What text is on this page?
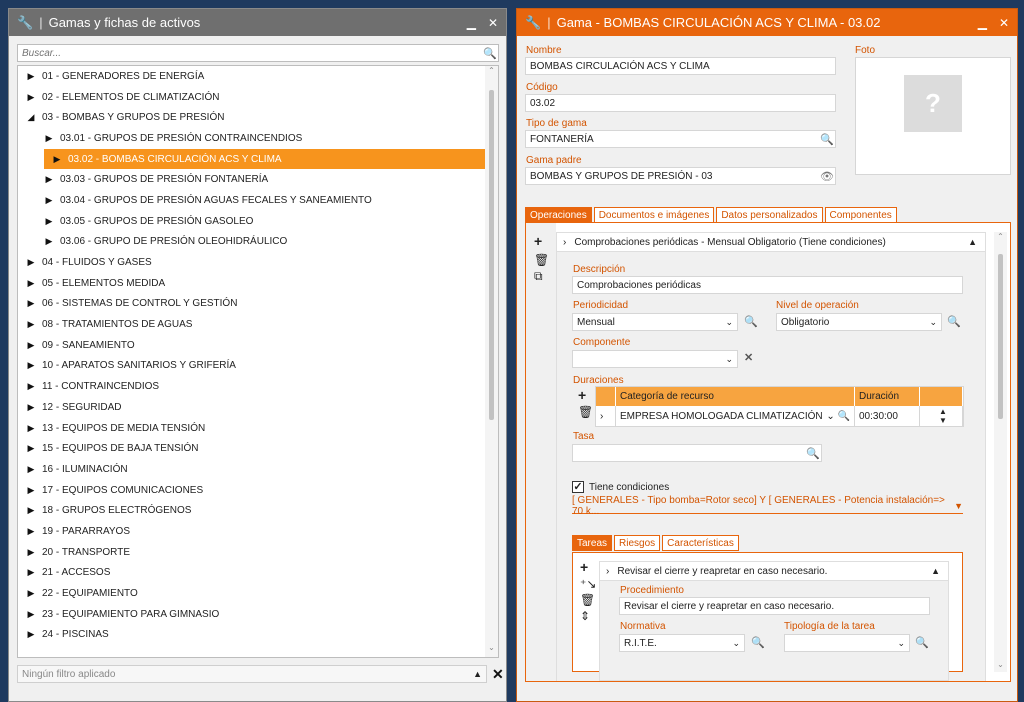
🔧 | Gamas y fichas de activos	▁ ✕
Buscar...
🔍
▶ 01 - GENERADORES DE ENERGÍA
▶ 02 - ELEMENTOS DE CLIMATIZACIÓN
◢ 03 - BOMBAS Y GRUPOS DE PRESIÓN
▶ 03.01 - GRUPOS DE PRESIÓN CONTRAINCENDIOS
▶ 03.02 - BOMBAS CIRCULACIÓN ACS Y CLIMA
▶ 03.03 - GRUPOS DE PRESIÓN FONTANERÍA
▶ 03.04 - GRUPOS DE PRESIÓN AGUAS FECALES Y SANEAMIENTO
▶ 03.05 - GRUPOS DE PRESIÓN GASOLEO
▶ 03.06 - GRUPO DE PRESIÓN OLEOHIDRÁULICO
▶ 04 - FLUIDOS Y GASES
▶ 05 - ELEMENTOS MEDIDA
▶ 06 - SISTEMAS DE CONTROL Y GESTIÓN
▶ 08 - TRATAMIENTOS DE AGUAS
▶ 09 - SANEAMIENTO
▶ 10 - APARATOS SANITARIOS Y GRIFERÍA
▶ 11 - CONTRAINCENDIOS
▶ 12 - SEGURIDAD
▶ 13 - EQUIPOS DE MEDIA TENSIÓN
▶ 15 - EQUIPOS DE BAJA TENSIÓN
▶ 16 - ILUMINACIÓN
▶ 17 - EQUIPOS COMUNICACIONES
▶ 18 - GRUPOS ELECTRÓGENOS
▶ 19 - PARARRAYOS
▶ 20 - TRANSPORTE
▶ 21 - ACCESOS
▶ 22 - EQUIPAMIENTO
▶ 23 - EQUIPAMIENTO PARA GIMNASIO
▶ 24 - PISCINAS
⌃
⌄
Ningún filtro aplicado	▲ ✕
🔧 | Gama - BOMBAS CIRCULACIÓN ACS Y CLIMA - 03.02	▁ ✕
Nombre
BOMBAS CIRCULACIÓN ACS Y CLIMA
Código
03.02
Tipo de gama
FONTANERÍA	🔍
Gama padre
BOMBAS Y GRUPOS DE PRESIÓN - 03	👁
Foto
?
Operaciones	Documentos e imágenes	Datos personalizados	Componentes
+
🗑
⧉
› Comprobaciones periódicas - Mensual Obligatorio (Tiene condiciones)	▲
Descripción
Comprobaciones periódicas
Periodicidad
Mensual	⌄ 🔍
Nivel de operación
Obligatorio	⌄ 🔍
Componente
⌄ ✕
Duraciones
+
🗑
Categoría de recurso	Duración
›	EMPRESA HOMOLOGADA CLIMATIZACIÓN ⌄ 🔍 00:30:00	▲
▼
Tasa
🔍
✓ Tiene condiciones
[ GENERALES - Tipo bomba=Rotor seco] Y [ GENERALES - Potencia instalación=> 70 k...	▼
Tareas	Riesgos	Características
+
⁺↘
🗑
⇕
› Revisar el cierre y reapretar en caso necesario.	▲
Procedimiento
Revisar el cierre y reapretar en caso necesario.
Normativa
R.I.T.E.	⌄ 🔍
Tipología de la tarea
⌄ 🔍
⌃
⌄
